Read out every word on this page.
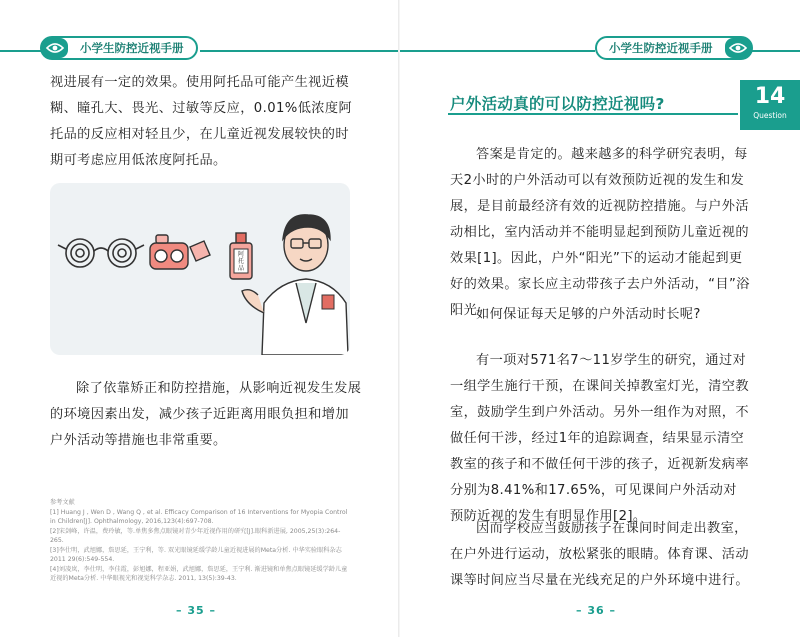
小学生防控近视手册
视进展有一定的效果。使用阿托品可能产生视近模糊、瞳孔大、畏光、过敏等反应，0.01%低浓度阿托品的反应相对轻且少，在儿童近视发展较快的时期可考虑应用低浓度阿托品。
阿
托
品
除了依靠矫正和防控措施，从影响近视发生发展的环境因素出发，减少孩子近距离用眼负担和增加户外活动等措施也非常重要。
参考文献
[1] Huang J , Wen D , Wang Q , et al. Efficacy Comparison of 16 Interventions for Myopia Control in Children[J]. Ophthalmology, 2016,123(4):697-708.
[2]宋剑峰，许温，费玲敏，等.单焦多焦点眼镜对青少年近视作用的研究[J].眼科新进展, 2005,25(3):264-265.
[3]李仕明，武旭娜，詹思延，王宁利，等. 双光眼镜延缓学龄儿童近视进展的Meta分析. 中华实验眼科杂志 2011 29(6):549-554.
[4]刘凌岚，李仕明，李佳霞，彭旭娜，程亚娟，武旭娜，詹思延，王宁利. 渐进镜和单焦点眼镜延缓学龄儿童近视的Meta分析. 中华眼视光和视觉科学杂志. 2011, 13(5):39-43.
– 35 –
小学生防控近视手册
户外活动真的可以防控近视吗?	14
Question
答案是肯定的。越来越多的科学研究表明，每天2小时的户外活动可以有效预防近视的发生和发展，是目前最经济有效的近视防控措施。与户外活动相比，室内活动并不能明显起到预防儿童近视的效果[1]。因此，户外“阳光”下的运动才能起到更好的效果。家长应主动带孩子去户外活动，“目”浴阳光。
如何保证每天足够的户外活动时长呢?
有一项对571名7～11岁学生的研究，通过对一组学生施行干预，在课间关掉教室灯光，清空教室，鼓励学生到户外活动。另外一组作为对照，不做任何干涉，经过1年的追踪调查，结果显示清空教室的孩子和不做任何干涉的孩子，近视新发病率分别为8.41%和17.65%，可见课间户外活动对预防近视的发生有明显作用[2]。
因而学校应当鼓励孩子在课间时间走出教室，在户外进行运动，放松紧张的眼睛。体育课、活动课等时间应当尽量在光线充足的户外环境中进行。
– 36 –
